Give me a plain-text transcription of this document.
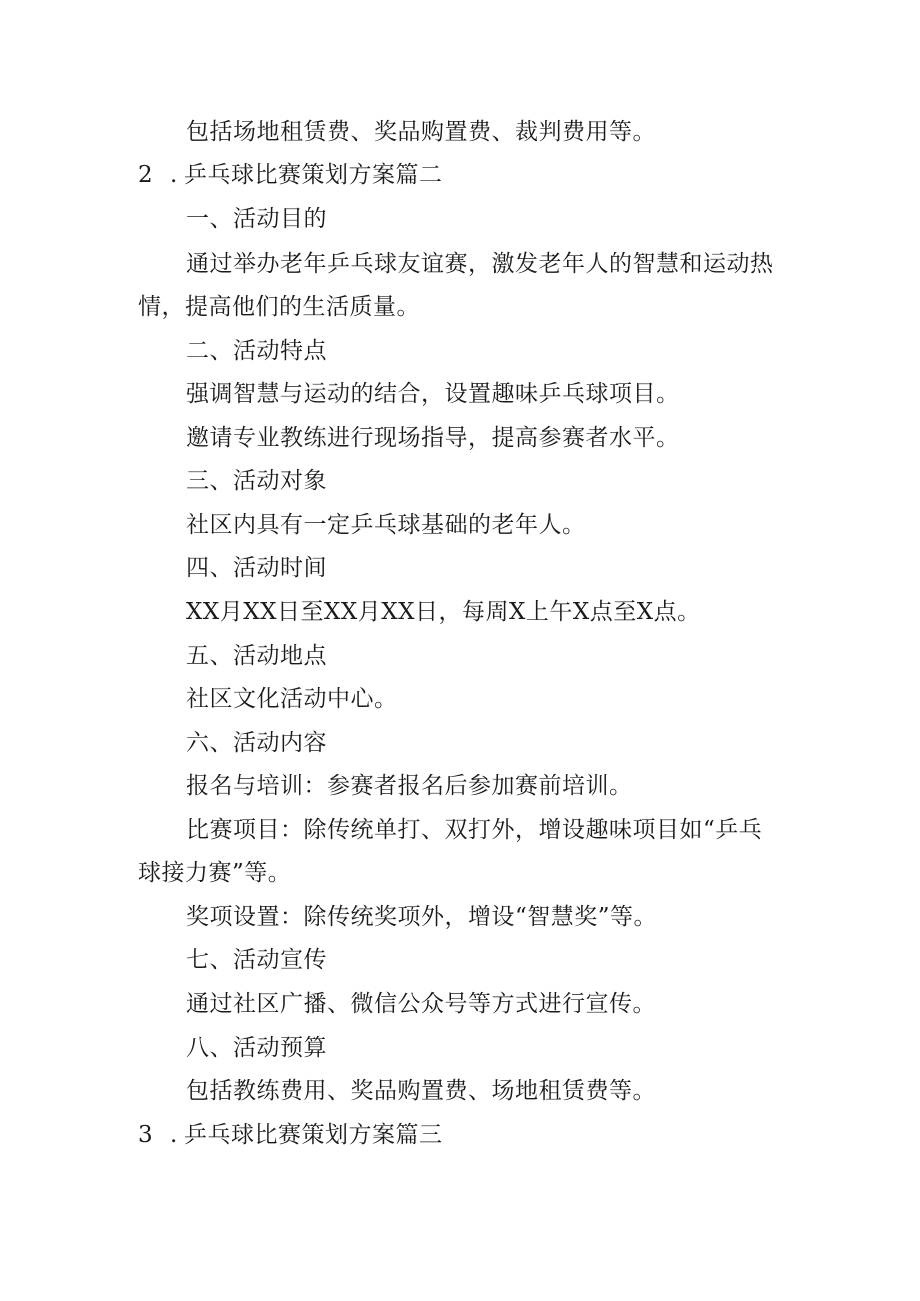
包括场地租赁费、奖品购置费、裁判费用等。
2 . 乒乓球比赛策划方案篇二
一、活动目的
通过举办老年乒乓球友谊赛，激发老年人的智慧和运动热
情，提高他们的生活质量。
二、活动特点
强调智慧与运动的结合，设置趣味乒乓球项目。
邀请专业教练进行现场指导，提高参赛者水平。
三、活动对象
社区内具有一定乒乓球基础的老年人。
四、活动时间
XX月XX日至XX月XX日，每周X上午X点至X点。
五、活动地点
社区文化活动中心。
六、活动内容
报名与培训：参赛者报名后参加赛前培训。
比赛项目：除传统单打、双打外，增设趣味项目如“乒乓
球接力赛”等。
奖项设置：除传统奖项外，增设“智慧奖”等。
七、活动宣传
通过社区广播、微信公众号等方式进行宣传。
八、活动预算
包括教练费用、奖品购置费、场地租赁费等。
3 . 乒乓球比赛策划方案篇三
